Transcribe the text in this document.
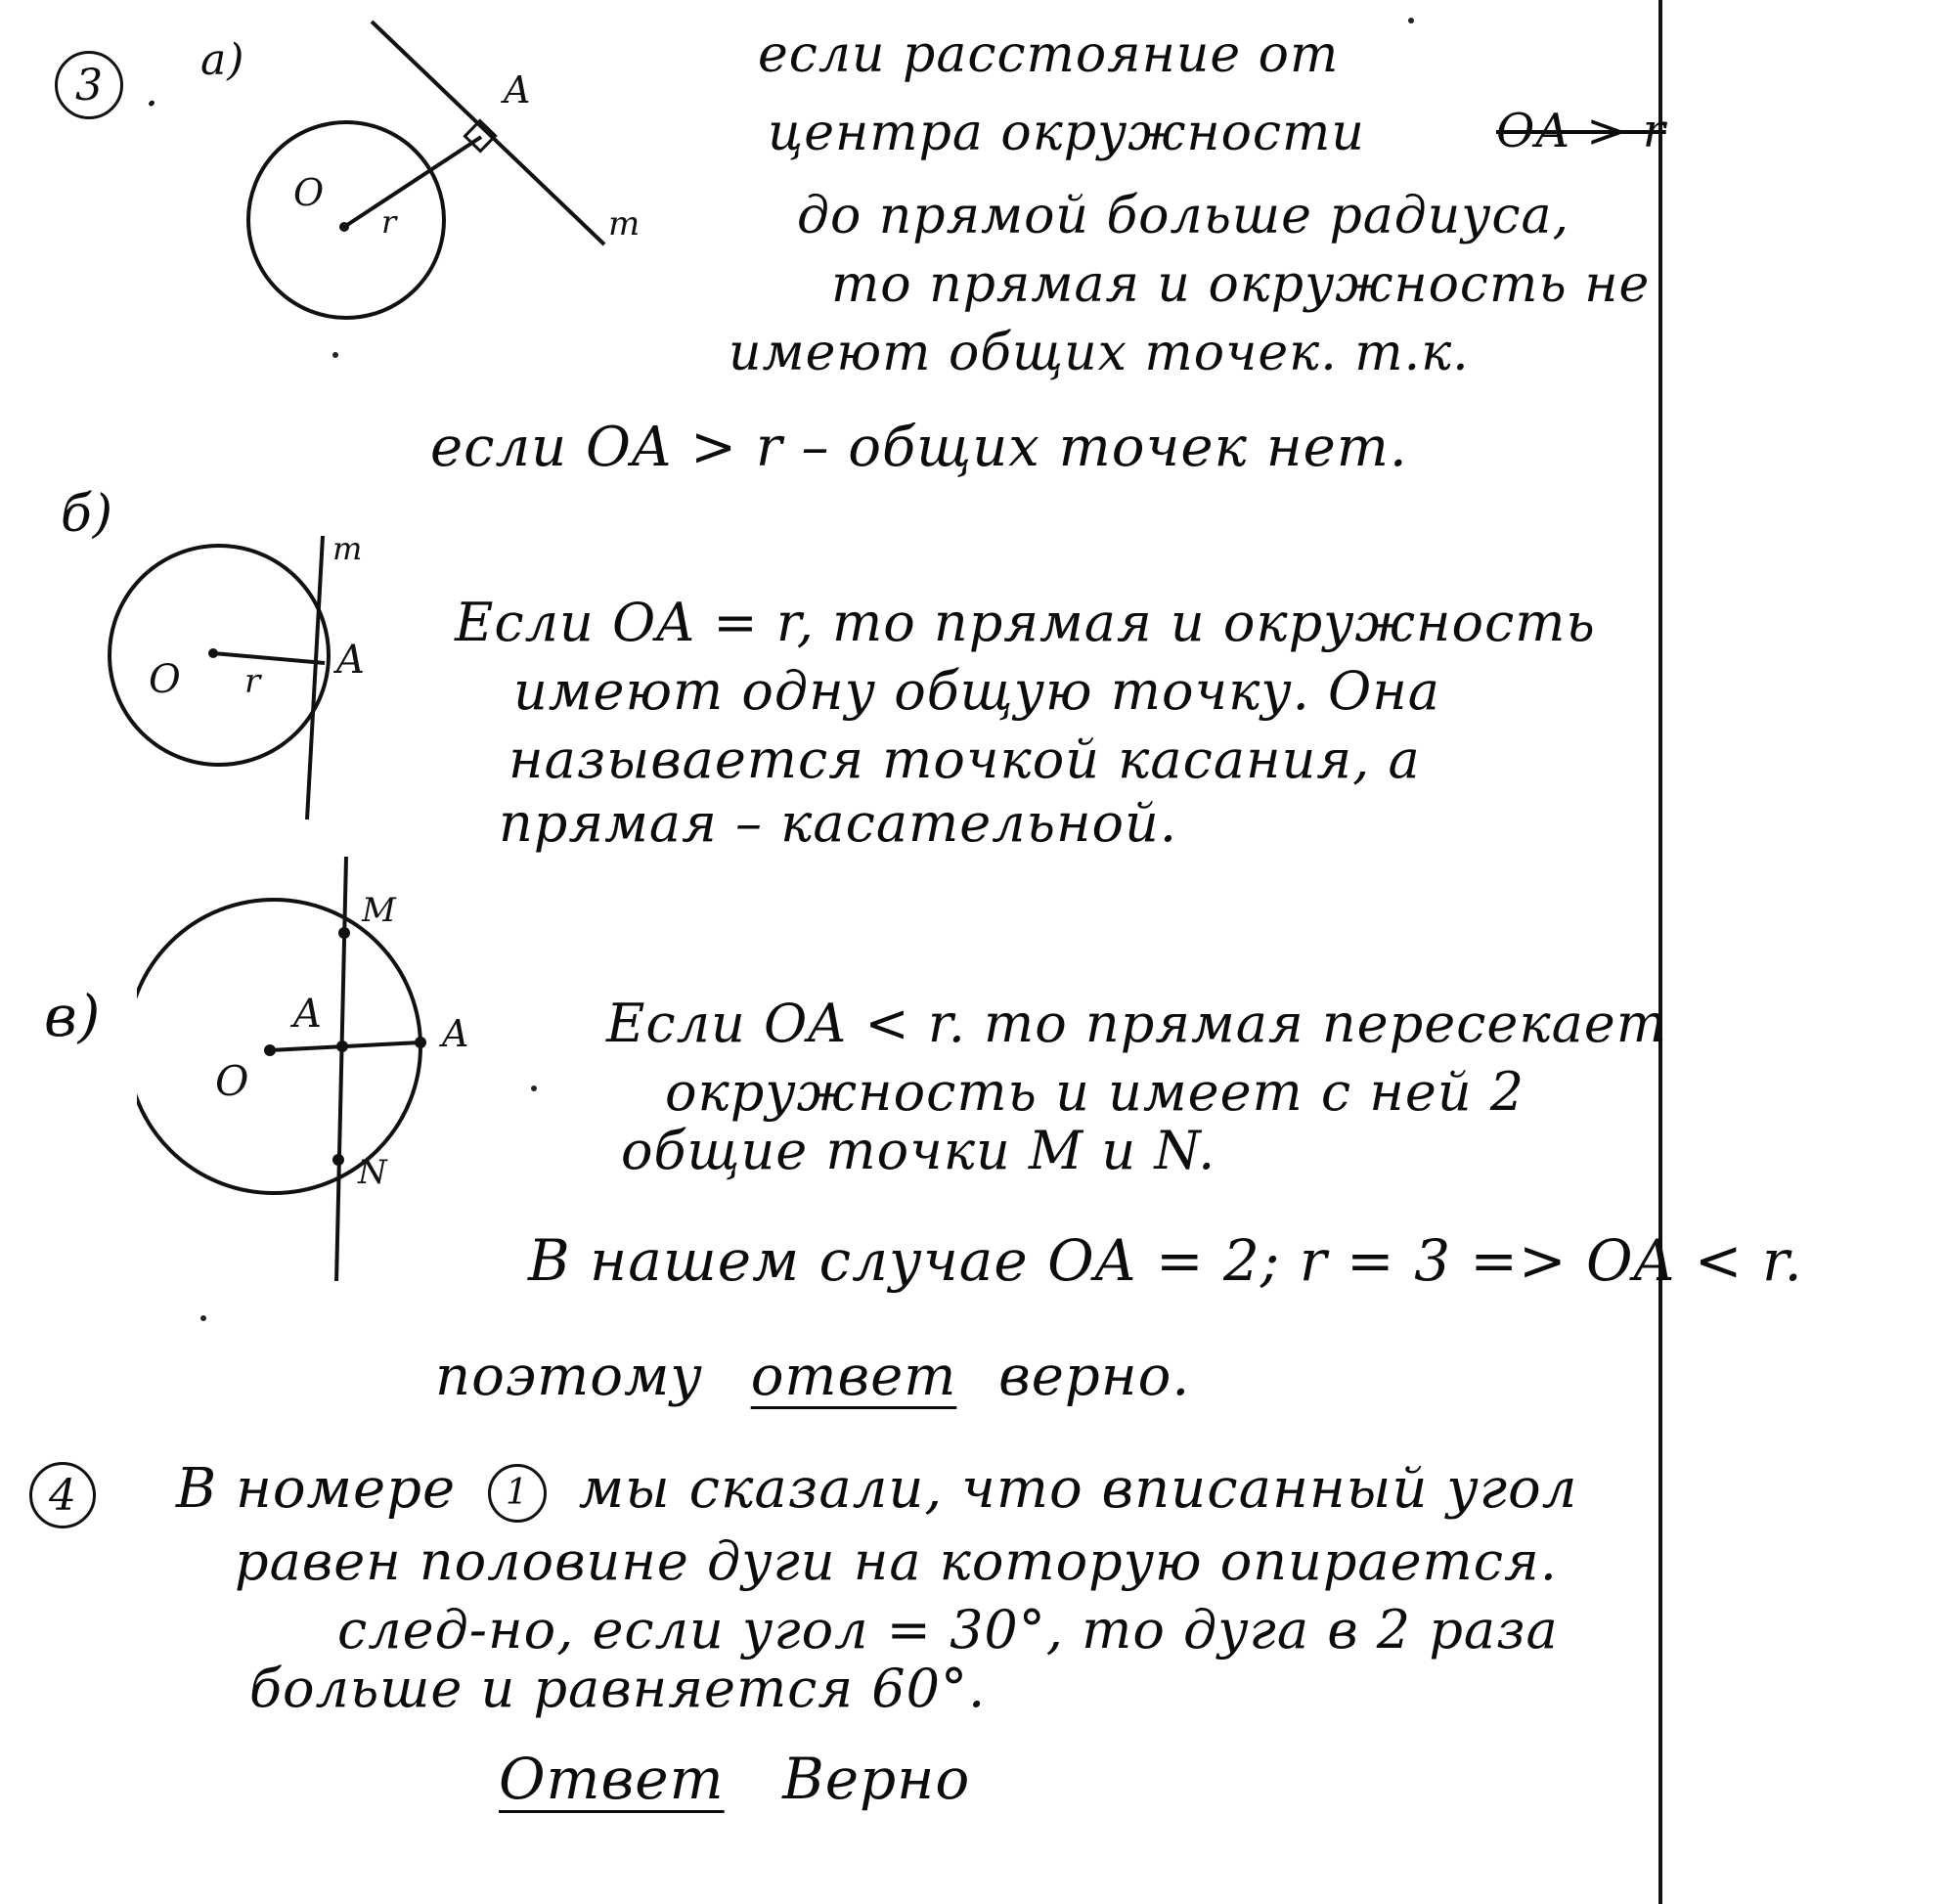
3 .
а)
O
r
A
m
если расстояние от
центра окружности	OA > r
до прямой больше радиуса,
то прямая и окружность не
имеют общих точек. т.к.
если OA > r – общих точек нет.
б)
O r A
m
Если OA = r, то прямая и окружность
имеют одну общую точку. Она
называется точкой касания, а
прямая – касательной.
в)
O
A	A
M
N
Если OA < r. то прямая пересекает
окружность и имеет с ней 2
общие точки M и N.
В нашем случае OA = 2; r = 3 => OA < r.
поэтому ответ верно.
4 В номере 1 мы сказали, что вписанный угол
равен половине дуги на которую опирается.
след-но, если угол = 30°, то дуга в 2 раза
больше и равняется 60°.
Ответ Верно
